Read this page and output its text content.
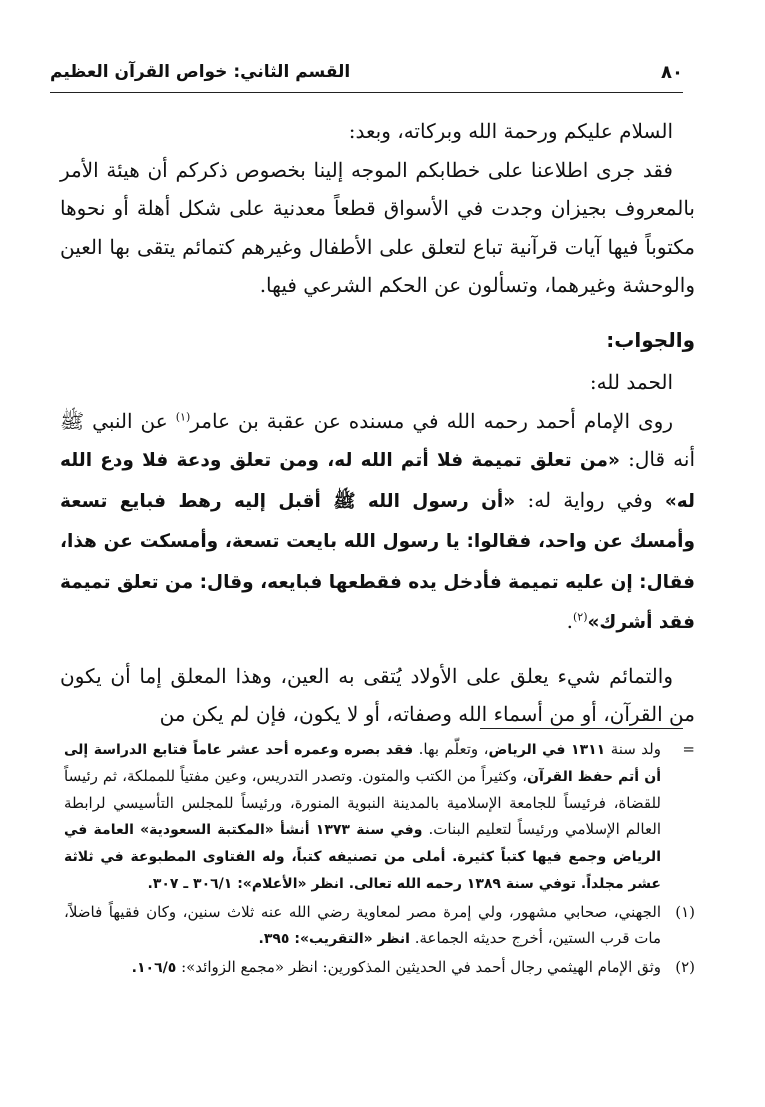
القسم الثاني: خواص القرآن العظيم	٨٠

السلام عليكم ورحمة الله وبركاته، وبعد:

فقد جرى اطلاعنا على خطابكم الموجه إلينا بخصوص ذكركم أن هيئة الأمر بالمعروف بجيزان وجدت في الأسواق قطعاً معدنية على شكل أهلة أو نحوها مكتوباً فيها آيات قرآنية تباع لتعلق على الأطفال وغيرهم كتمائم يتقى بها العين والوحشة وغيرهما، وتسألون عن الحكم الشرعي فيها.

والجواب:

الحمد لله:

روى الإمام أحمد رحمه الله في مسنده عن عقبة بن عامر$^{(١)}$ عن النبي ﷺ أنه قال: «من تعلق تميمة فلا أتم الله له، ومن تعلق ودعة فلا ودع الله له» وفي رواية له: «أن رسول الله ﷺ أقبل إليه رهط فبايع تسعة وأمسك عن واحد، فقالوا: يا رسول الله بايعت تسعة، وأمسكت عن هذا، فقال: إن عليه تميمة فأدخل يده فقطعها فبايعه، وقال: من تعلق تميمة فقد أشرك»$^{(٢)}$.

والتمائم شيء يعلق على الأولاد يُتقى به العين، وهذا المعلق إما أن يكون من القرآن، أو من أسماء الله وصفاته، أو لا يكون، فإن لم يكن من

=
ولد سنة ١٣١١ في الرياض، وتعلّم بها. فقد بصره وعمره أحد عشر عاماً فتابع الدراسة إلى أن أتم حفظ القرآن، وكثيراً من الكتب والمتون. وتصدر التدريس، وعين مفتياً للمملكة، ثم رئيساً للقضاة، فرئيساً للجامعة الإسلامية بالمدينة النبوية المنورة، ورئيساً للمجلس التأسيسي لرابطة العالم الإسلامي ورئيساً لتعليم البنات. وفي سنة ١٣٧٣ أنشأ «المكتبة السعودية» العامة في الرياض وجمع فيها كتباً كثيرة. أملى من تصنيفه كتباً، وله الفتاوى المطبوعة في ثلاثة عشر مجلداً. توفي سنة ١٣٨٩ رحمه الله تعالى. انظر «الأعلام»: ٣٠٦/١ ـ ٣٠٧.
(١)
الجهني، صحابي مشهور، ولي إمرة مصر لمعاوية رضي الله عنه ثلاث سنين، وكان فقيهاً فاضلاً، مات قرب الستين، أخرج حديثه الجماعة. انظر «التقريب»: ٣٩٥.
(٢)
وثق الإمام الهيثمي رجال أحمد في الحديثين المذكورين: انظر «مجمع الزوائد»: ١٠٦/٥.
